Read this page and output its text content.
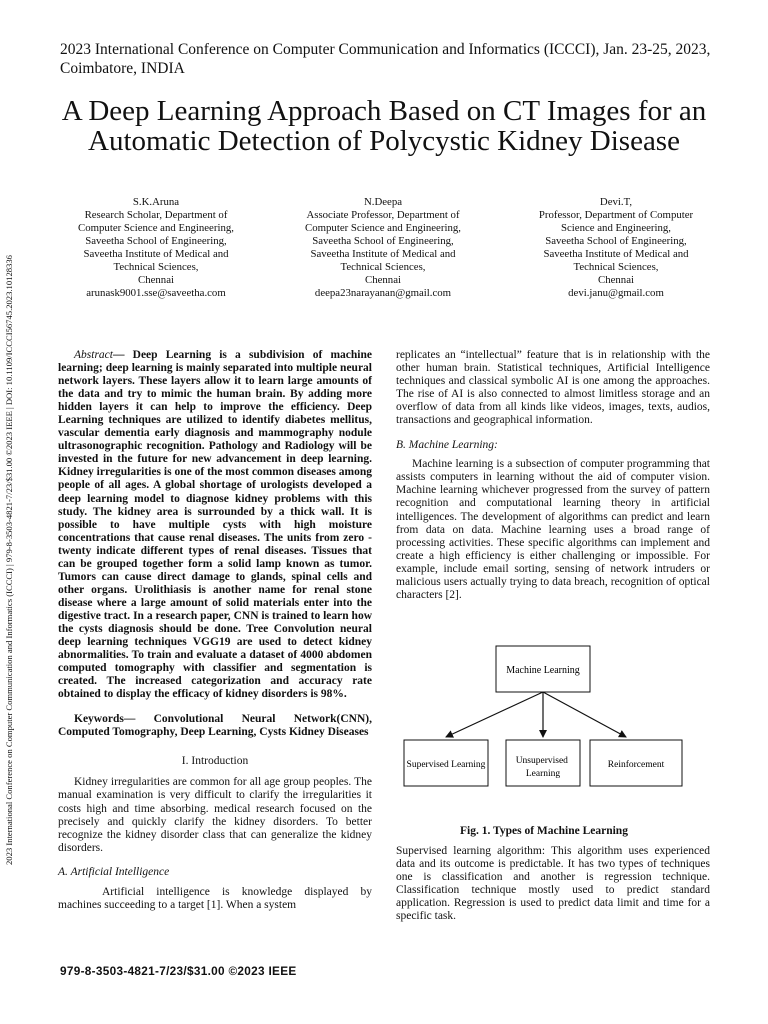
2023 International Conference on Computer Communication and Informatics (ICCCI), Jan. 23-25, 2023, Coimbatore, INDIA
A Deep Learning Approach Based on CT Images for an Automatic Detection of Polycystic Kidney Disease
2023 International Conference on Computer Communication and Informatics (ICCCI) | 979-8-3503-4821-7/23/$31.00 ©2023 IEEE | DOI: 10.1109/ICCCI56745.2023.10128336
S.K.Aruna
Research Scholar, Department of
Computer Science and Engineering,
Saveetha School of Engineering,
Saveetha Institute of Medical and
Technical Sciences,
Chennai
arunask9001.sse@saveetha.com
N.Deepa
Associate Professor, Department of
Computer Science and Engineering,
Saveetha School of Engineering,
Saveetha Institute of Medical and
Technical Sciences,
Chennai
deepa23narayanan@gmail.com
Devi.T,
Professor, Department of Computer
Science and Engineering,
Saveetha School of Engineering,
Saveetha Institute of Medical and
Technical Sciences,
Chennai
devi.janu@gmail.com

Abstract— Deep Learning is a subdivision of machine learning; deep learning is mainly separated into multiple neural network layers. These layers allow it to learn large amounts of the data and try to mimic the human brain. By adding more hidden layers it can help to improve the efficiency. Deep Learning techniques are utilized to identify diabetes mellitus, vascular dementia early diagnosis and mammography nodule ultrasonographic recognition. Pathology and Radiology will be invested in the future for new advancement in deep learning. Kidney irregularities is one of the most common diseases among people of all ages. A global shortage of urologists developed a deep learning model to diagnose kidney problems with this study. The kidney area is surrounded by a thick wall. It is possible to have multiple cysts with high moisture concentrations that cause renal diseases. The units from zero -twenty indicate different types of renal diseases. Tissues that can be grouped together form a solid lamp known as tumor. Tumors can cause direct damage to glands, spinal cells and other organs. Urolithiasis is another name for renal stone disease where a large amount of solid materials enter into the digestive tract. In a research paper, CNN is trained to learn how the cysts diagnosis should be done. Tree Convolution neural deep learning techniques VGG19 are used to detect kidney abnormalities. To train and evaluate a dataset of 4000 abdomen computed tomography with classifier and segmentation is created. The increased categorization and accuracy rate obtained to display the efficacy of kidney disorders is 98%.

Keywords— Convolutional Neural Network(CNN), Computed Tomography, Deep Learning, Cysts Kidney Diseases

I. Introduction

Kidney irregularities are common for all age group peoples. The manual examination is very difficult to clarify the irregularities it costs high and time absorbing. medical research focused on the precisely and quickly clarify the kidney disorders. To better recognize the kidney disorder class that can generalize the kidney disorders.

A. Artificial Intelligence

Artificial intelligence is knowledge displayed by machines succeeding to a target [1]. When a system

replicates an “intellectual” feature that is in relationship with the other human brain. Statistical techniques, Artificial Intelligence techniques and classical symbolic AI is one among the approaches. The rise of AI is also connected to almost limitless storage and an overflow of data from all kinds like videos, images, texts, audios, transactions and geographical information.

B. Machine Learning:

Machine learning is a subsection of computer programming that assists computers in learning without the aid of computer vision. Machine learning whichever progressed from the survey of pattern recognition and computational learning theory in artificial intelligences. The development of algorithms can predict and learn from data on data. Machine learning uses a broad range of processing activities. These specific algorithms can implement and create a high efficiency is either challenging or impossible. For example, include email sorting, sensing of network intruders or malicious users actually trying to data breach, recognition of optical characters [2].

Machine Learning
Supervised Learning	Unsupervised Learning
Reinforcement
Fig. 1. Types of Machine Learning
Supervised learning algorithm: This algorithm uses experienced data and its outcome is predictable. It has two types of techniques one is classification and another is regression technique. Classification technique mostly used to predict standard application. Regression is used to predict data limit and time for a specific task.
979-8-3503-4821-7/23/$31.00 ©2023 IEEE
